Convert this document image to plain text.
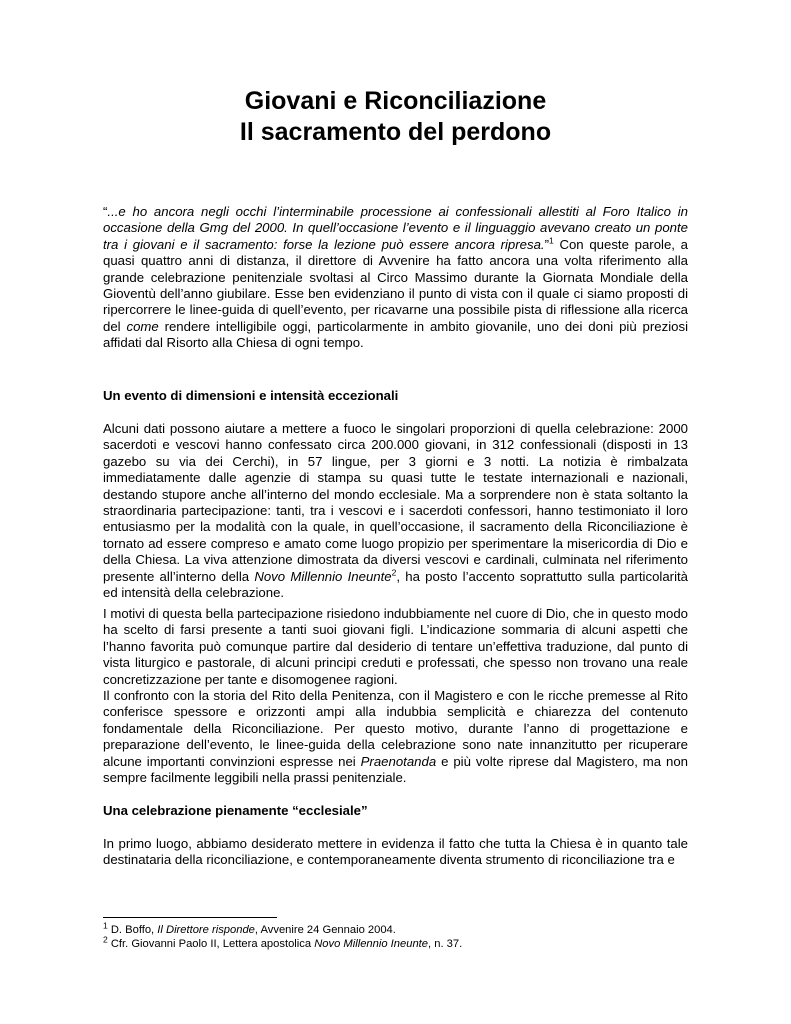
Giovani e Riconciliazione

Il sacramento del perdono

“...e ho ancora negli occhi l’interminabile processione ai confessionali allestiti al Foro Italico in occasione della Gmg del 2000. In quell’occasione l’evento e il linguaggio avevano creato un ponte tra i giovani e il sacramento: forse la lezione può essere ancora ripresa.”$^1$ Con queste parole, a quasi quattro anni di distanza, il direttore di Avvenire ha fatto ancora una volta riferimento alla grande celebrazione penitenziale svoltasi al Circo Massimo durante la Giornata Mondiale della Gioventù dell’anno giubilare. Esse ben evidenziano il punto di vista con il quale ci siamo proposti di ripercorrere le linee-guida di quell’evento, per ricavarne una possibile pista di riflessione alla ricerca del come rendere intelligibile oggi, particolarmente in ambito giovanile, uno dei doni più preziosi affidati dal Risorto alla Chiesa di ogni tempo.

Un evento di dimensioni e intensità eccezionali

Alcuni dati possono aiutare a mettere a fuoco le singolari proporzioni di quella celebrazione: 2000 sacerdoti e vescovi hanno confessato circa 200.000 giovani, in 312 confessionali (disposti in 13 gazebo su via dei Cerchi), in 57 lingue, per 3 giorni e 3 notti. La notizia è rimbalzata immediatamente dalle agenzie di stampa su quasi tutte le testate internazionali e nazionali, destando stupore anche all’interno del mondo ecclesiale. Ma a sorprendere non è stata soltanto la straordinaria partecipazione: tanti, tra i vescovi e i sacerdoti confessori, hanno testimoniato il loro entusiasmo per la modalità con la quale, in quell’occasione, il sacramento della Riconciliazione è tornato ad essere compreso e amato come luogo propizio per sperimentare la misericordia di Dio e della Chiesa. La viva attenzione dimostrata da diversi vescovi e cardinali, culminata nel riferimento presente all’interno della Novo Millennio Ineunte$^2$, ha posto l’accento soprattutto sulla particolarità ed intensità della celebrazione.

I motivi di questa bella partecipazione risiedono indubbiamente nel cuore di Dio, che in questo modo ha scelto di farsi presente a tanti suoi giovani figli. L’indicazione sommaria di alcuni aspetti che l’hanno favorita può comunque partire dal desiderio di tentare un’effettiva traduzione, dal punto di vista liturgico e pastorale, di alcuni principi creduti e professati, che spesso non trovano una reale concretizzazione per tante e disomogenee ragioni.

Il confronto con la storia del Rito della Penitenza, con il Magistero e con le ricche premesse al Rito conferisce spessore e orizzonti ampi alla indubbia semplicità e chiarezza del contenuto fondamentale della Riconciliazione. Per questo motivo, durante l’anno di progettazione e preparazione dell’evento, le linee-guida della celebrazione sono nate innanzitutto per ricuperare alcune importanti convinzioni espresse nei Praenotanda e più volte riprese dal Magistero, ma non sempre facilmente leggibili nella prassi penitenziale.

Una celebrazione pienamente “ecclesiale”

In primo luogo, abbiamo desiderato mettere in evidenza il fatto che tutta la Chiesa è in quanto tale destinataria della riconciliazione, e contemporaneamente diventa strumento di riconciliazione tra e

$^1$ D. Boffo, Il Direttore risponde, Avvenire 24 Gennaio 2004.

$^2$ Cfr. Giovanni Paolo II, Lettera apostolica Novo Millennio Ineunte, n. 37.
